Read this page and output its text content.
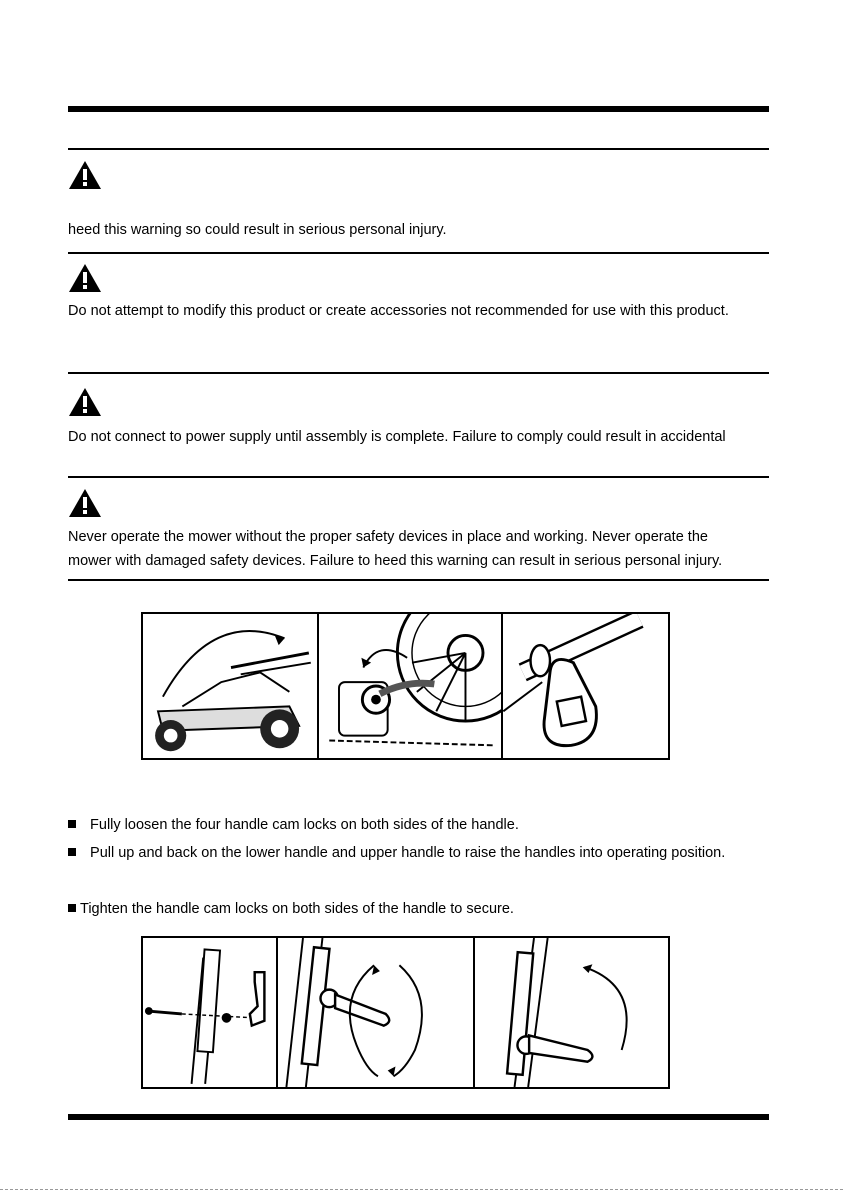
heed this warning so could result in serious personal injury.
Do not attempt to modify this product or create accessories not recommended for use with this product.
Do not connect to power supply until assembly is complete. Failure to comply could result in accidental
Never operate the mower without the proper safety devices in place and working. Never operate the
mower with damaged safety devices. Failure to heed this warning can result in serious personal injury.
Fully loosen the four handle cam locks on both sides of the handle.
Pull up and back on the lower handle and upper handle to raise the handles into operating position.
Tighten the handle cam locks on both sides of the handle to secure.
